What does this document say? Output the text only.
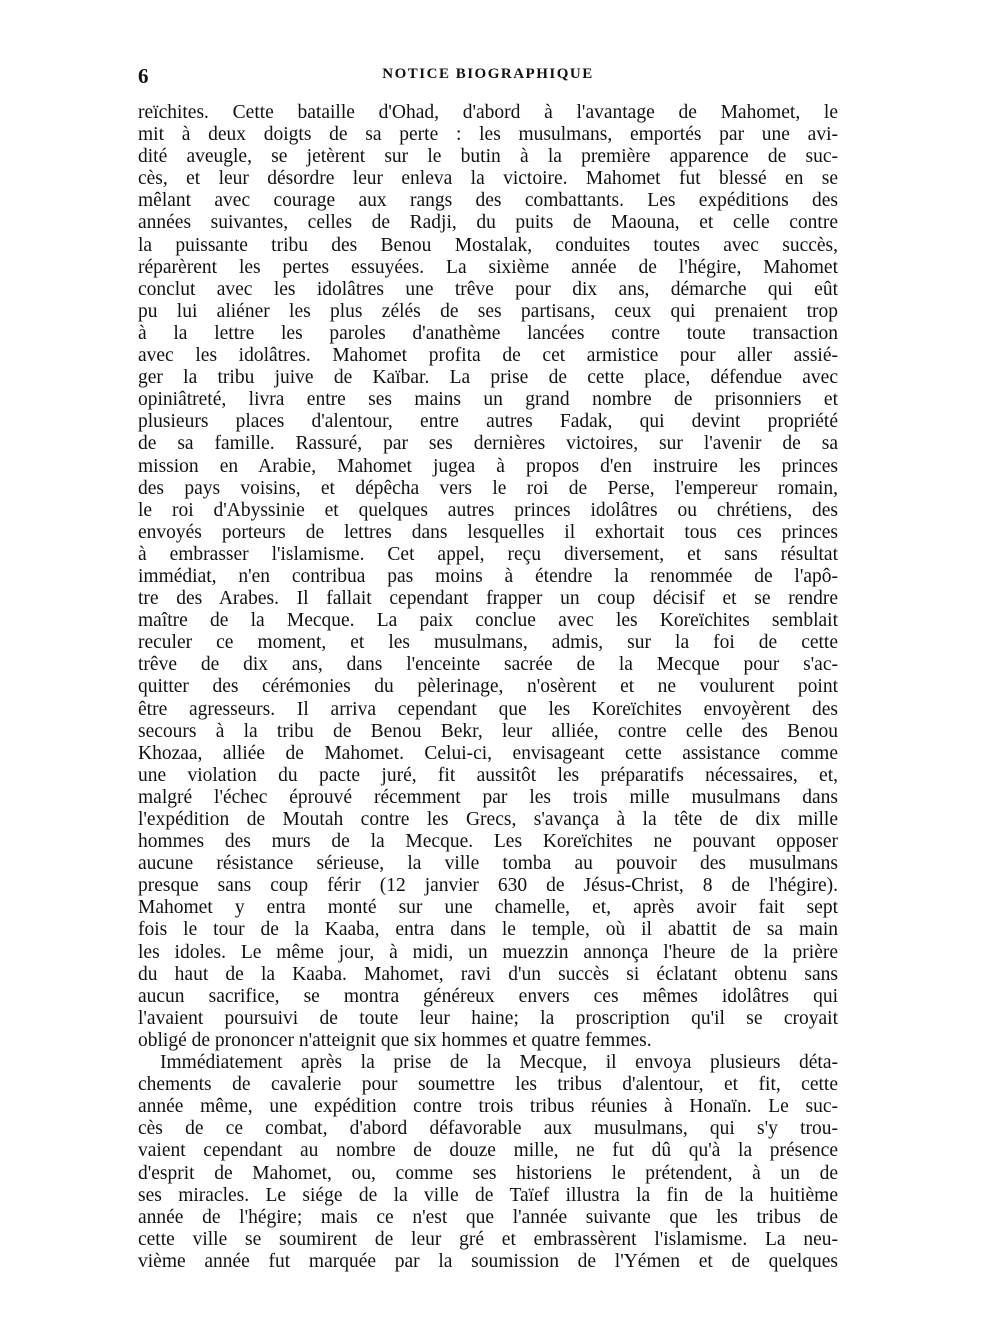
6	NOTICE BIOGRAPHIQUE
reïchites. Cette bataille d'Ohad, d'abord à l'avantage de Mahomet, le
mit à deux doigts de sa perte : les musulmans, emportés par une avi-
dité aveugle, se jetèrent sur le butin à la première apparence de suc-
cès, et leur désordre leur enleva la victoire. Mahomet fut blessé en se
mêlant avec courage aux rangs des combattants. Les expéditions des
années suivantes, celles de Radji, du puits de Maouna, et celle contre
la puissante tribu des Benou Mostalak, conduites toutes avec succès,
réparèrent les pertes essuyées. La sixième année de l'hégire, Mahomet
conclut avec les idolâtres une trêve pour dix ans, démarche qui eût
pu lui aliéner les plus zélés de ses partisans, ceux qui prenaient trop
à la lettre les paroles d'anathème lancées contre toute transaction
avec les idolâtres. Mahomet profita de cet armistice pour aller assié-
ger la tribu juive de Kaïbar. La prise de cette place, défendue avec
opiniâtreté, livra entre ses mains un grand nombre de prisonniers et
plusieurs places d'alentour, entre autres Fadak, qui devint propriété
de sa famille. Rassuré, par ses dernières victoires, sur l'avenir de sa
mission en Arabie, Mahomet jugea à propos d'en instruire les princes
des pays voisins, et dépêcha vers le roi de Perse, l'empereur romain,
le roi d'Abyssinie et quelques autres princes idolâtres ou chrétiens, des
envoyés porteurs de lettres dans lesquelles il exhortait tous ces princes
à embrasser l'islamisme. Cet appel, reçu diversement, et sans résultat
immédiat, n'en contribua pas moins à étendre la renommée de l'apô-
tre des Arabes. Il fallait cependant frapper un coup décisif et se rendre
maître de la Mecque. La paix conclue avec les Koreïchites semblait
reculer ce moment, et les musulmans, admis, sur la foi de cette
trêve de dix ans, dans l'enceinte sacrée de la Mecque pour s'ac-
quitter des cérémonies du pèlerinage, n'osèrent et ne voulurent point
être agresseurs. Il arriva cependant que les Koreïchites envoyèrent des
secours à la tribu de Benou Bekr, leur alliée, contre celle des Benou
Khozaa, alliée de Mahomet. Celui-ci, envisageant cette assistance comme
une violation du pacte juré, fit aussitôt les préparatifs nécessaires, et,
malgré l'échec éprouvé récemment par les trois mille musulmans dans
l'expédition de Moutah contre les Grecs, s'avança à la tête de dix mille
hommes des murs de la Mecque. Les Koreïchites ne pouvant opposer
aucune résistance sérieuse, la ville tomba au pouvoir des musulmans
presque sans coup férir (12 janvier 630 de Jésus-Christ, 8 de l'hégire).
Mahomet y entra monté sur une chamelle, et, après avoir fait sept
fois le tour de la Kaaba, entra dans le temple, où il abattit de sa main
les idoles. Le même jour, à midi, un muezzin annonça l'heure de la prière
du haut de la Kaaba. Mahomet, ravi d'un succès si éclatant obtenu sans
aucun sacrifice, se montra généreux envers ces mêmes idolâtres qui
l'avaient poursuivi de toute leur haine; la proscription qu'il se croyait
obligé de prononcer n'atteignit que six hommes et quatre femmes.
Immédiatement après la prise de la Mecque, il envoya plusieurs déta-
chements de cavalerie pour soumettre les tribus d'alentour, et fit, cette
année même, une expédition contre trois tribus réunies à Honaïn. Le suc-
cès de ce combat, d'abord défavorable aux musulmans, qui s'y trou-
vaient cependant au nombre de douze mille, ne fut dû qu'à la présence
d'esprit de Mahomet, ou, comme ses historiens le prétendent, à un de
ses miracles. Le siége de la ville de Taïef illustra la fin de la huitième
année de l'hégire; mais ce n'est que l'année suivante que les tribus de
cette ville se soumirent de leur gré et embrassèrent l'islamisme. La neu-
vième année fut marquée par la soumission de l'Yémen et de quelques
